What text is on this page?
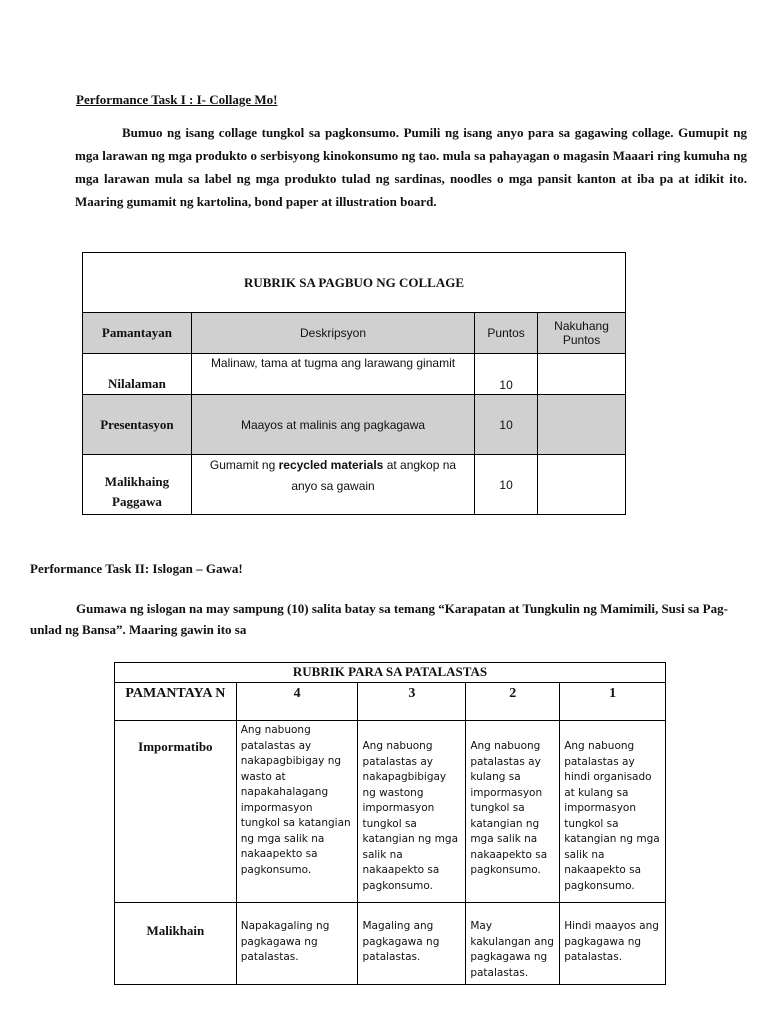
Performance Task I : I- Collage Mo!
Bumuo ng isang collage tungkol sa pagkonsumo. Pumili ng isang anyo para sa gagawing collage. Gumupit ng mga larawan ng mga produkto o serbisyong kinokonsumo ng tao. mula sa pahayagan o magasin Maaari ring kumuha ng mga larawan mula sa label ng mga produkto tulad ng sardinas, noodles o mga pansit kanton at iba pa at idikit ito. Maaring gumamit ng kartolina, bond paper at illustration board.
RUBRIK SA PAGBUO NG COLLAGE			
Pamantayan	Deskripsyon	Puntos	Nakuhang Puntos
Nilalaman	Malinaw, tama at tugma ang larawang ginamit	10	
Presentasyon	Maayos at malinis ang pagkagawa	10	
Malikhaing Paggawa	Gumamit ng recycled materials at angkop na anyo sa gawain	10	
Performance Task II: Islogan – Gawa!
Gumawa ng islogan na may sampung (10) salita batay sa temang “Karapatan at Tungkulin ng Mamimili, Susi sa Pag-unlad ng Bansa”. Maaring gawin ito sa
RUBRIK PARA SA PATALASTAS				
PAMANTAYA N	4	3	2	1
Impormatibo	Ang nabuong patalastas ay nakapagbibigay ng wasto at napakahalagang impormasyon tungkol sa katangian ng mga salik na nakaapekto sa pagkonsumo.	Ang nabuong patalastas ay nakapagbibigay ng wastong impormasyon tungkol sa katangian ng mga salik na nakaapekto sa pagkonsumo.	Ang nabuong patalastas ay kulang sa impormasyon tungkol sa katangian ng mga salik na nakaapekto sa pagkonsumo.	Ang nabuong patalastas ay hindi organisado at kulang sa impormasyon tungkol sa katangian ng mga salik na nakaapekto sa pagkonsumo.
Malikhain	Napakagaling ng pagkagawa ng patalastas.	Magaling ang pagkagawa ng patalastas.	May kakulangan ang pagkagawa ng patalastas.	Hindi maayos ang pagkagawa ng patalastas.
